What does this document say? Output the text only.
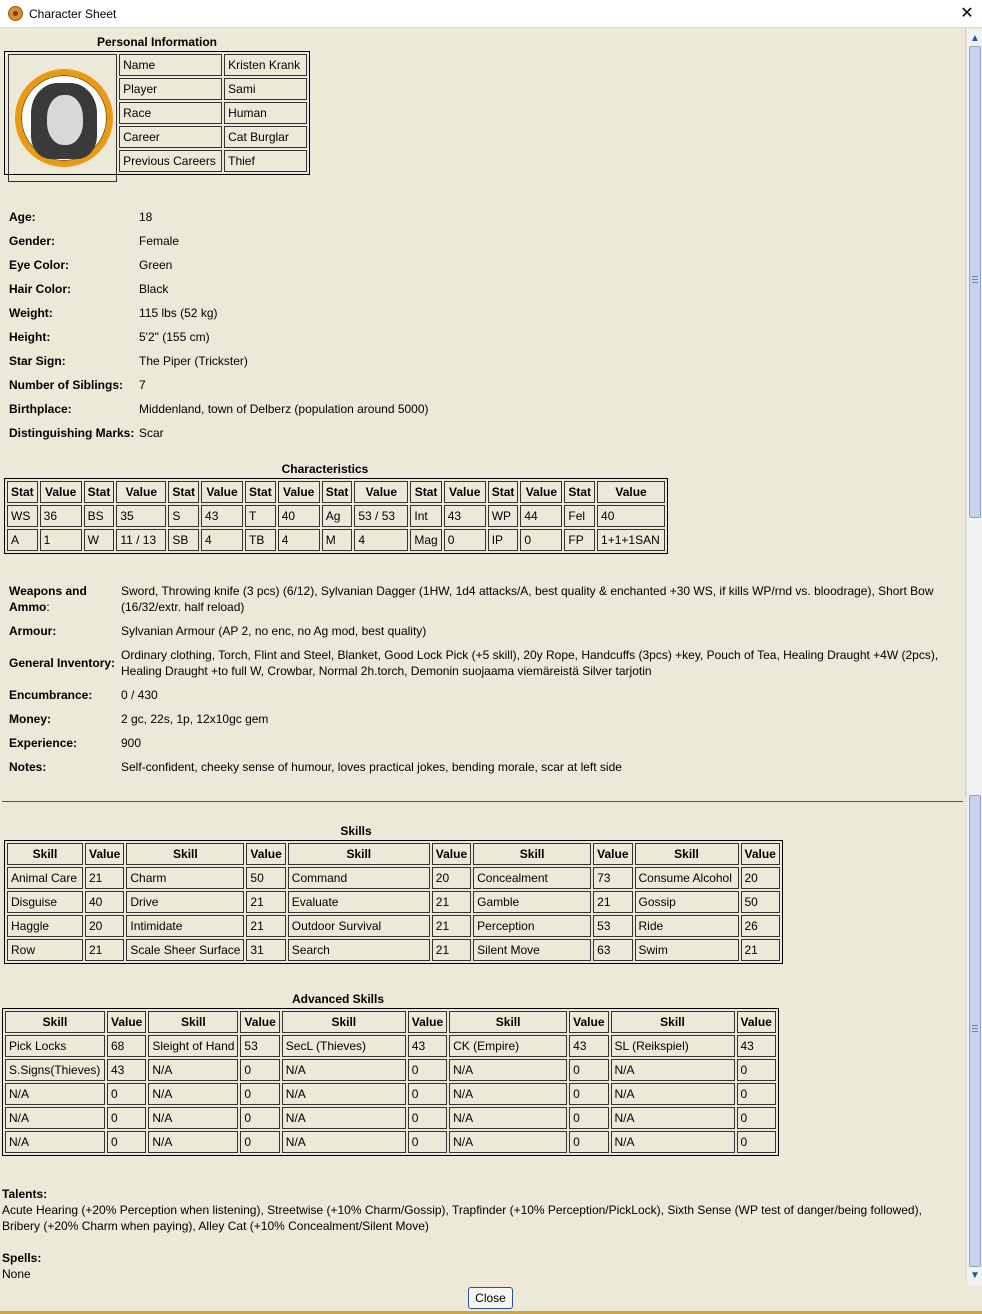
Character Sheet	✕
Personal Information
	Name	Kristen Krank
	Player	Sami
	Race	Human
	Career	Cat Burglar
	Previous Careers	Thief
Age:	18
Gender:	Female
Eye Color:	Green
Hair Color:	Black
Weight:	115 lbs (52 kg)
Height:	5'2" (155 cm)
Star Sign:	The Piper (Trickster)
Number of Siblings: 7
Birthplace:	Middenland, town of Delberz (population around 5000)
Distinguishing Marks: Scar
Characteristics
Stat	Value	Stat	Value	Stat	Value	Stat	Value	Stat	Value	Stat	Value	Stat	Value	Stat	Value
WS	36	BS	35	S	43	T	40	Ag	53 / 53	Int	43	WP	44	Fel	40
A	1	W	11 / 13	SB	4	TB	4	M	4	Mag	0	IP	0	FP	1+1+1SAN
Weapons and
Ammo:
Sword, Throwing knife (3 pcs) (6/12), Sylvanian Dagger (1HW, 1d4 attacks/A, best quality & enchanted +30 WS, if kills WP/rnd vs. bloodrage), Short Bow
(16/32/extr. half reload)
Armour:	Sylvanian Armour (AP 2, no enc, no Ag mod, best quality)
General Inventory:
Ordinary clothing, Torch, Flint and Steel, Blanket, Good Lock Pick (+5 skill), 20y Rope, Handcuffs (3pcs) +key, Pouch of Tea, Healing Draught +4W (2pcs),
Healing Draught +to full W, Crowbar, Normal 2h.torch, Demonin suojaama viemäreistä Silver tarjotin
Encumbrance: 0 / 430
Money:	2 gc, 22s, 1p, 12x10gc gem
Experience:	900
Notes:	Self-confident, cheeky sense of humour, loves practical jokes, bending morale, scar at left side
Skills
Skill	Value	Skill	Value	Skill	Value	Skill	Value	Skill	Value
Animal Care	21	Charm	50	Command	20	Concealment	73	Consume Alcohol	20
Disguise	40	Drive	21	Evaluate	21	Gamble	21	Gossip	50
Haggle	20	Intimidate	21	Outdoor Survival	21	Perception	53	Ride	26
Row	21	Scale Sheer Surface	31	Search	21	Silent Move	63	Swim	21
Advanced Skills
Skill	Value	Skill	Value	Skill	Value	Skill	Value	Skill	Value
Pick Locks	68	Sleight of Hand	53	SecL (Thieves)	43	CK (Empire)	43	SL (Reikspiel)	43
S.Signs(Thieves)	43	N/A	0	N/A	0	N/A	0	N/A	0
N/A	0	N/A	0	N/A	0	N/A	0	N/A	0
N/A	0	N/A	0	N/A	0	N/A	0	N/A	0
N/A	0	N/A	0	N/A	0	N/A	0	N/A	0
Talents:
Acute Hearing (+20% Perception when listening), Streetwise (+10% Charm/Gossip), Trapfinder (+10% Perception/PickLock), Sixth Sense (WP test of danger/being followed),
Bribery (+20% Charm when paying), Alley Cat (+10% Concealment/Silent Move)
Spells:
None
▲
▼
Close
